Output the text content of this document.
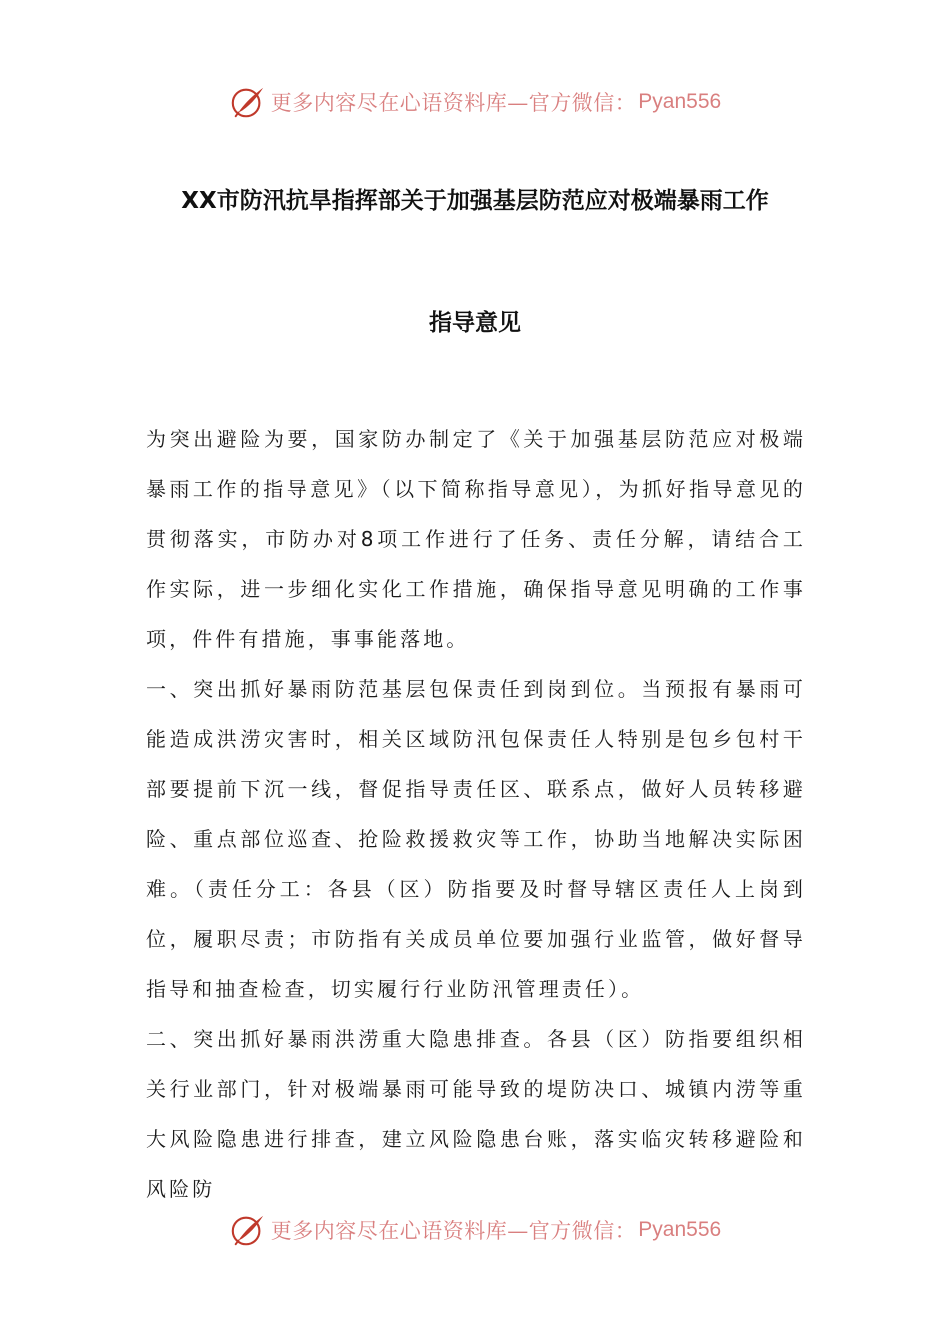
更多内容尽在心语资料库—官方微信： Pyan556
XX市防汛抗旱指挥部关于加强基层防范应对极端暴雨工作
指导意见

为突出避险为要，国家防办制定了《关于加强基层防范应对极端暴雨工作的指导意见》（以下简称指导意见），为抓好指导意见的贯彻落实，市防办对8项工作进行了任务、责任分解，请结合工作实际，进一步细化实化工作措施，确保指导意见明确的工作事项，件件有措施，事事能落地。

一、突出抓好暴雨防范基层包保责任到岗到位。当预报有暴雨可能造成洪涝灾害时，相关区域防汛包保责任人特别是包乡包村干部要提前下沉一线，督促指导责任区、联系点，做好人员转移避险、重点部位巡查、抢险救援救灾等工作，协助当地解决实际困难。（责任分工：各县（区）防指要及时督导辖区责任人上岗到位，履职尽责；市防指有关成员单位要加强行业监管，做好督导指导和抽查检查，切实履行行业防汛管理责任）。

二、突出抓好暴雨洪涝重大隐患排查。各县（区）防指要组织相关行业部门，针对极端暴雨可能导致的堤防决口、城镇内涝等重大风险隐患进行排查，建立风险隐患台账，落实临灾转移避险和风险防

更多内容尽在心语资料库—官方微信： Pyan556
